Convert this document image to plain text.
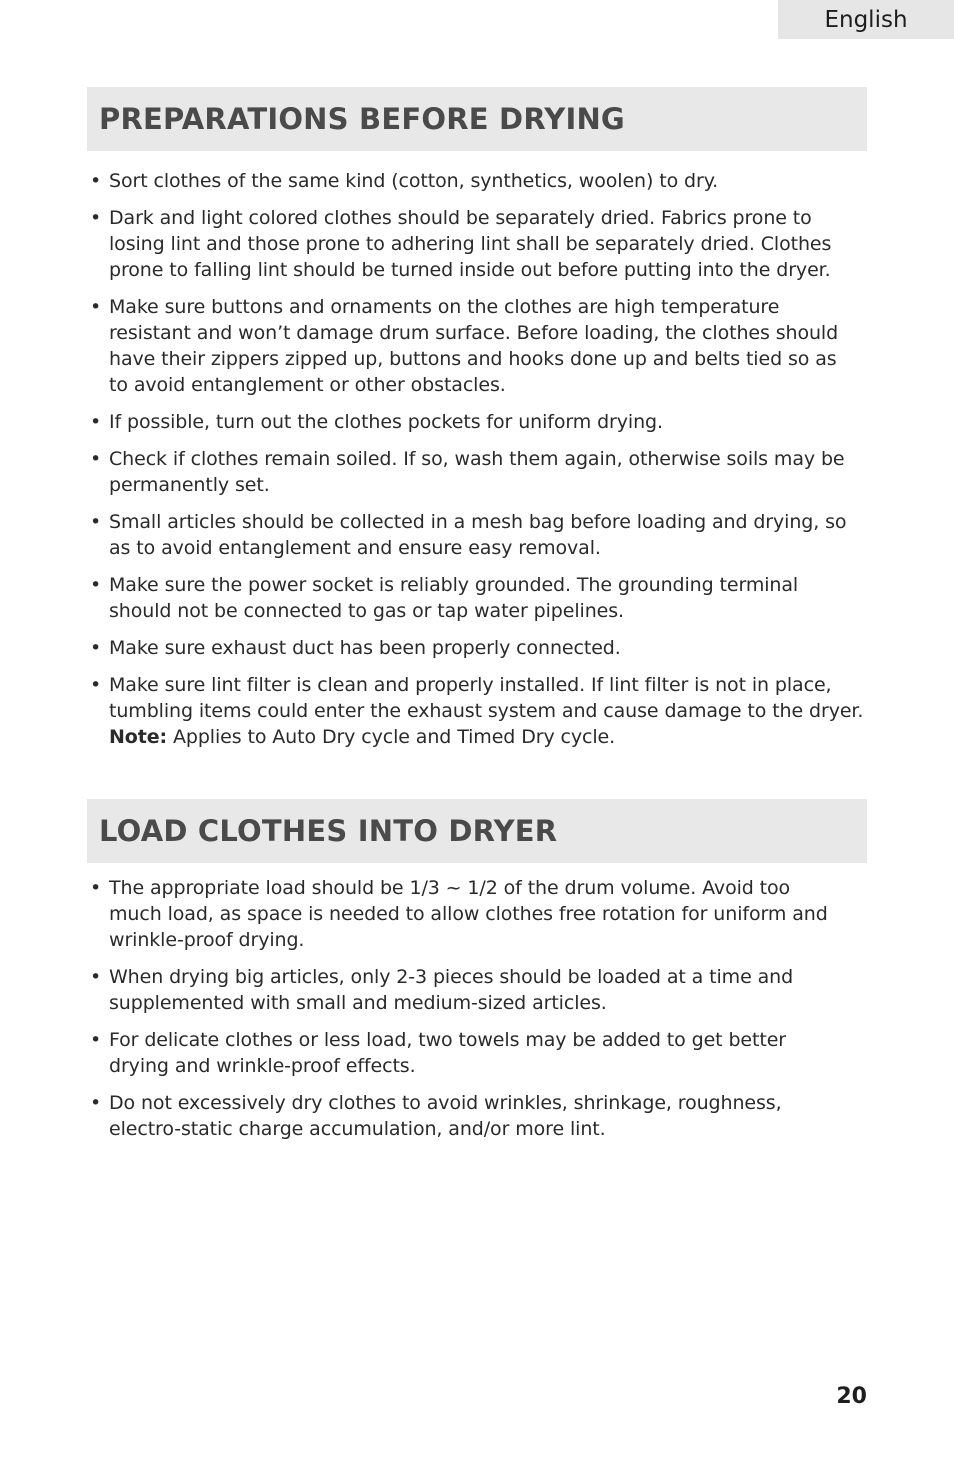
English
PREPARATIONS BEFORE DRYING
• Sort clothes of the same kind (cotton, synthetics, woolen) to dry.
• Dark and light colored clothes should be separately dried. Fabrics prone to
losing lint and those prone to adhering lint shall be separately dried. Clothes
prone to falling lint should be turned inside out before putting into the dryer.
• Make sure buttons and ornaments on the clothes are high temperature
resistant and won’t damage drum surface. Before loading, the clothes should
have their zippers zipped up, buttons and hooks done up and belts tied so as
to avoid entanglement or other obstacles.
• If possible, turn out the clothes pockets for uniform drying.
• Check if clothes remain soiled. If so, wash them again, otherwise soils may be
permanently set.
• Small articles should be collected in a mesh bag before loading and drying, so
as to avoid entanglement and ensure easy removal.
• Make sure the power socket is reliably grounded. The grounding terminal
should not be connected to gas or tap water pipelines.
• Make sure exhaust duct has been properly connected.
• Make sure lint filter is clean and properly installed. If lint filter is not in place,
tumbling items could enter the exhaust system and cause damage to the dryer.
Note: Applies to Auto Dry cycle and Timed Dry cycle.
LOAD CLOTHES INTO DRYER
• The appropriate load should be 1/3 ~ 1/2 of the drum volume. Avoid too
much load, as space is needed to allow clothes free rotation for uniform and
wrinkle-proof drying.
• When drying big articles, only 2-3 pieces should be loaded at a time and
supplemented with small and medium-sized articles.
• For delicate clothes or less load, two towels may be added to get better
drying and wrinkle-proof effects.
• Do not excessively dry clothes to avoid wrinkles, shrinkage, roughness,
electro-static charge accumulation, and/or more lint.
20
